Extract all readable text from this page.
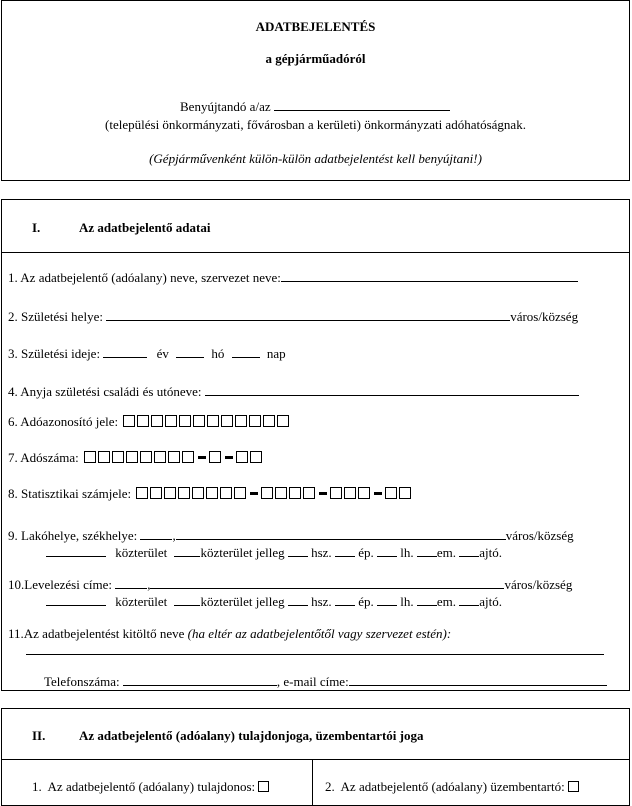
ADATBEJELENTÉS
a gépjárműadóról
Benyújtandó a/az
(települési önkormányzati, fővárosban a kerületi) önkormányzati adóhatóságnak.
(Gépjárművenként külön-külön adatbejelentést kell benyújtani!)
I.	Az adatbejelentő adatai
1. Az adatbejelentő (adóalany) neve, szervezet neve:
2. Születési helye:	város/község
3. Születési ideje:	év	hó	nap
4. Anyja születési családi és utóneve:
6. Adóazonosító jele:
7. Adószáma:
8. Statisztikai számjele:
9. Lakóhelye, székhelye:	,	város/község
közterület	közterület jelleg hsz. ép. lh. em. ajtó.
10.Levelezési címe:	,	város/község
közterület	közterület jelleg hsz. ép. lh. em. ajtó.
11.Az adatbejelentést kitöltő neve (ha eltér az adatbejelentőtől vagy szervezet estén):
Telefonszáma:	, e-mail címe:
II.	Az adatbejelentő (adóalany) tulajdonjoga, üzembentartói joga
1. Az adatbejelentő (adóalany) tulajdonos:	2. Az adatbejelentő (adóalany) üzembentartó:
